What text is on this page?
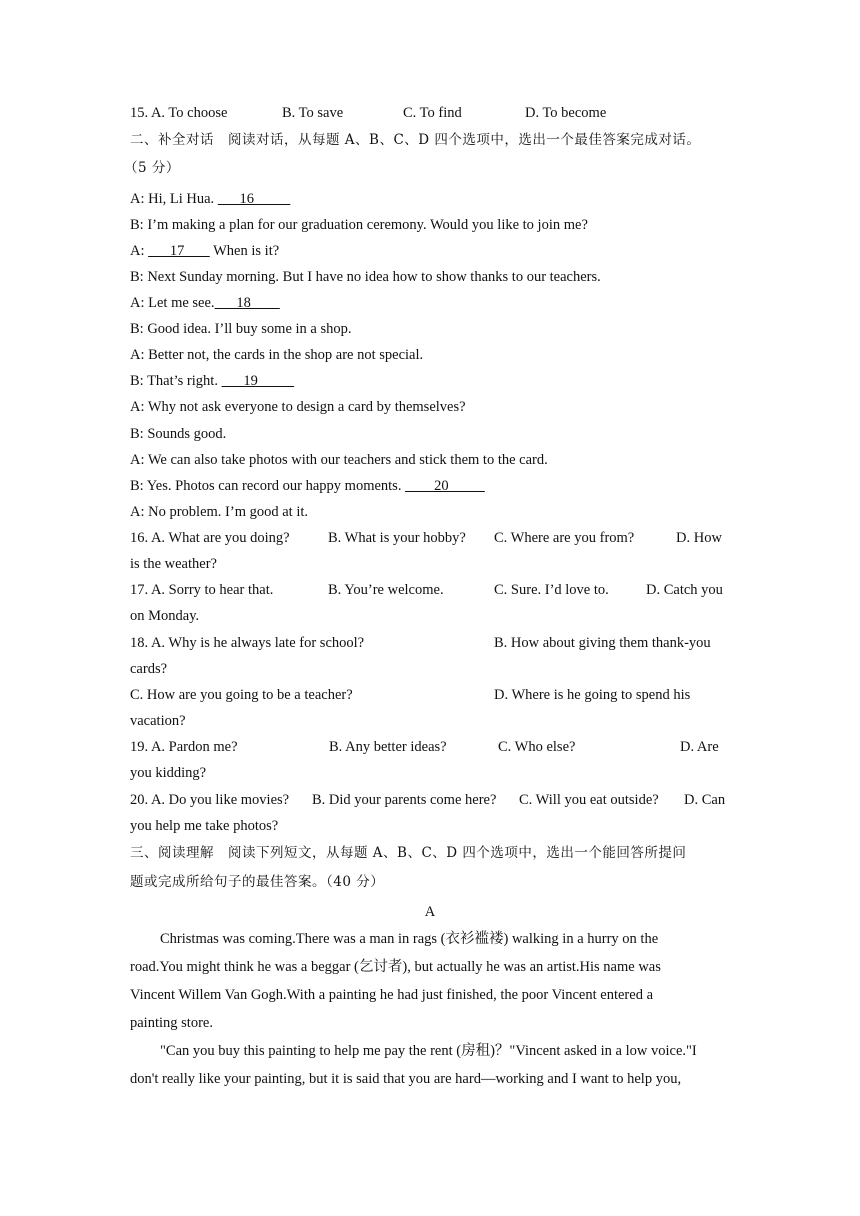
15. A. To choose	B. To save	C. To find	D. To become
二、补全对话　阅读对话，从每题 A、B、C、D 四个选项中，选出一个最佳答案完成对话。
（5 分）
A: Hi, Li Hua.       16
B: I’m making a plan for our graduation ceremony. Would you like to join me?
A:       17        When is it?
B: Next Sunday morning. But I have no idea how to show thanks to our teachers.
A: Let me see.      18
B: Good idea. I’ll buy some in a shop.
A: Better not, the cards in the shop are not special.
B: That’s right.       19
A: Why not ask everyone to design a card by themselves?
B: Sounds good.
A: We can also take photos with our teachers and stick them to the card.
B: Yes. Photos can record our happy moments.         20
A: No problem. I’m good at it.
16. A. What are you doing?	B. What is your hobby? C. Where are you from?	D. How
is the weather?
17. A. Sorry to hear that.	B. You’re welcome.	C. Sure. I’d love to.	D. Catch you
on Monday.
18. A. Why is he always late for school?	B. How about giving them thank-you
cards?
C. How are you going to be a teacher?	D. Where is he going to spend his
vacation?
19. A. Pardon me?	B. Any better ideas?	C. Who else?	D. Are
you kidding?
20. A. Do you like movies? B. Did your parents come here? C. Will you eat outside? D. Can
you help me take photos?
三、阅读理解　阅读下列短文，从每题 A、B、C、D 四个选项中，选出一个能回答所提问
题或完成所给句子的最佳答案。（40 分）
A
Christmas was coming.There was a man in rags (衣衫褴褛) walking in a hurry on the
road.You might think he was a beggar (乞讨者), but actually he was an artist.His name was
Vincent Willem Van Gogh.With a painting he had just finished, the poor Vincent entered a
painting store.
"Can you buy this painting to help me pay the rent (房租)？"Vincent asked in a low voice."I
don't really like your painting, but it is said that you are hard—working and I want to help you,
